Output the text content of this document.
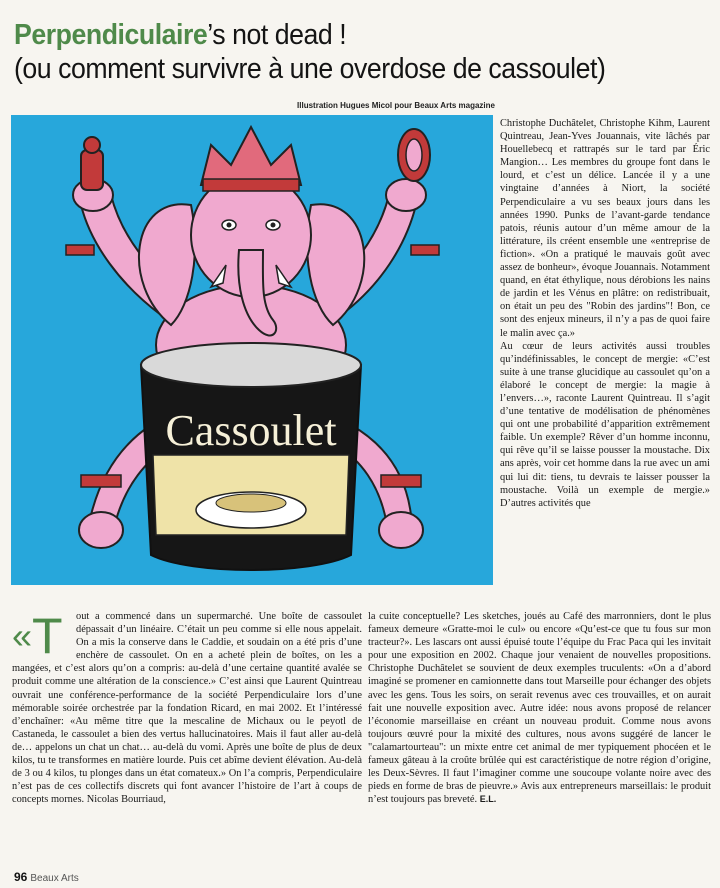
Perpendiculaire’s not dead !
(ou comment survivre à une overdose de cassoulet)
Illustration Hugues Micol pour Beaux Arts magazine
Cassoulet

Christophe Duchâtelet, Christophe Kihm, Laurent Quintreau, Jean-Yves Jouannais, vite lâchés par Houellebecq et rattrapés sur le tard par Éric Mangion… Les membres du groupe font dans le lourd, et c’est un délice. Lancée il y a une vingtaine d’années à Niort, la société Perpendiculaire a vu ses beaux jours dans les années 1990. Punks de l’avant-garde tendance patois, réunis autour d’un même amour de la littérature, ils créent ensemble une «entreprise de fiction». «On a pratiqué le mauvais goût avec assez de bonheur», évoque Jouannais. Notamment quand, en état éthylique, nous dérobions les nains de jardin et les Vénus en plâtre: on redistribuait, on était un peu des "Robin des jardins"! Bon, ce sont des enjeux mineurs, il n’y a pas de quoi faire le malin avec ça.»

Au cœur de leurs activités aussi troubles qu’indéfinissables, le concept de mergie: «C’est suite à une transe glucidique au cassoulet qu’on a élaboré le concept de mergie: la magie à l’envers…», raconte Laurent Quintreau. Il s’agit d’une tentative de modélisation de phénomènes qui ont une probabilité d’apparition extrêmement faible. Un exemple? Rêver d’un homme inconnu, qui rêve qu’il se laisse pousser la moustache. Dix ans après, voir cet homme dans la rue avec un ami qui lui dit: tiens, tu devrais te laisser pousser la moustache. Voilà un exemple de mergie.» D’autres activités que

«T	out a commencé dans un supermarché. Une boîte de cassoulet dépassait d’un linéaire. C’était un peu comme si elle nous appelait. On a mis la conserve dans le Caddie, et soudain on a été pris d’une enchère de cassoulet. On en a acheté plein de boîtes, on les a mangées, et c’est alors qu’on a compris: au-delà d’une certaine quantité avalée se produit comme une altération de la conscience.» C’est ainsi que Laurent Quintreau ouvrait une conférence-performance de la société Perpendiculaire lors d’une mémorable soirée orchestrée par la fondation Ricard, en mai 2002. Et l’intéressé d’enchaîner: «Au même titre que la mescaline de Michaux ou le peyotl de Castaneda, le cassoulet a bien des vertus hallucinatoires. Mais il faut aller au-delà de… appelons un chat un chat… au-delà du vomi. Après une boîte de plus de deux kilos, tu te transformes en matière lourde. Puis cet abîme devient élévation. Au-delà de 3 ou 4 kilos, tu plonges dans un état comateux.» On l’a compris, Perpendiculaire n’est pas de ces collectifs discrets qui font avancer l’histoire de l’art à coups de concepts mornes. Nicolas Bourriaud,

la cuite conceptuelle? Les sketches, joués au Café des marronniers, dont le plus fameux demeure «Gratte-moi le cul» ou encore «Qu’est-ce que tu fous sur mon tracteur?». Les lascars ont aussi épuisé toute l’équipe du Frac Paca qui les invitait pour une exposition en 2002. Chaque jour venaient de nouvelles propositions. Christophe Duchâtelet se souvient de deux exemples truculents: «On a d’abord imaginé se promener en camionnette dans tout Marseille pour échanger des objets avec les gens. Tous les soirs, on serait revenus avec ces trouvailles, et on aurait fait une nouvelle exposition avec. Autre idée: nous avons proposé de relancer l’économie marseillaise en créant un nouveau produit. Comme nous avons toujours œuvré pour la mixité des cultures, nous avons suggéré de lancer le "calamartourteau": un mixte entre cet animal de mer typiquement phocéen et le fameux gâteau à la croûte brûlée qui est caractéristique de notre région d’origine, les Deux-Sèvres. Il faut l’imaginer comme une soucoupe volante noire avec des pieds en forme de bras de pieuvre.» Avis aux entrepreneurs marseillais: le produit n’est toujours pas breveté. E.L.

96 Beaux Arts
